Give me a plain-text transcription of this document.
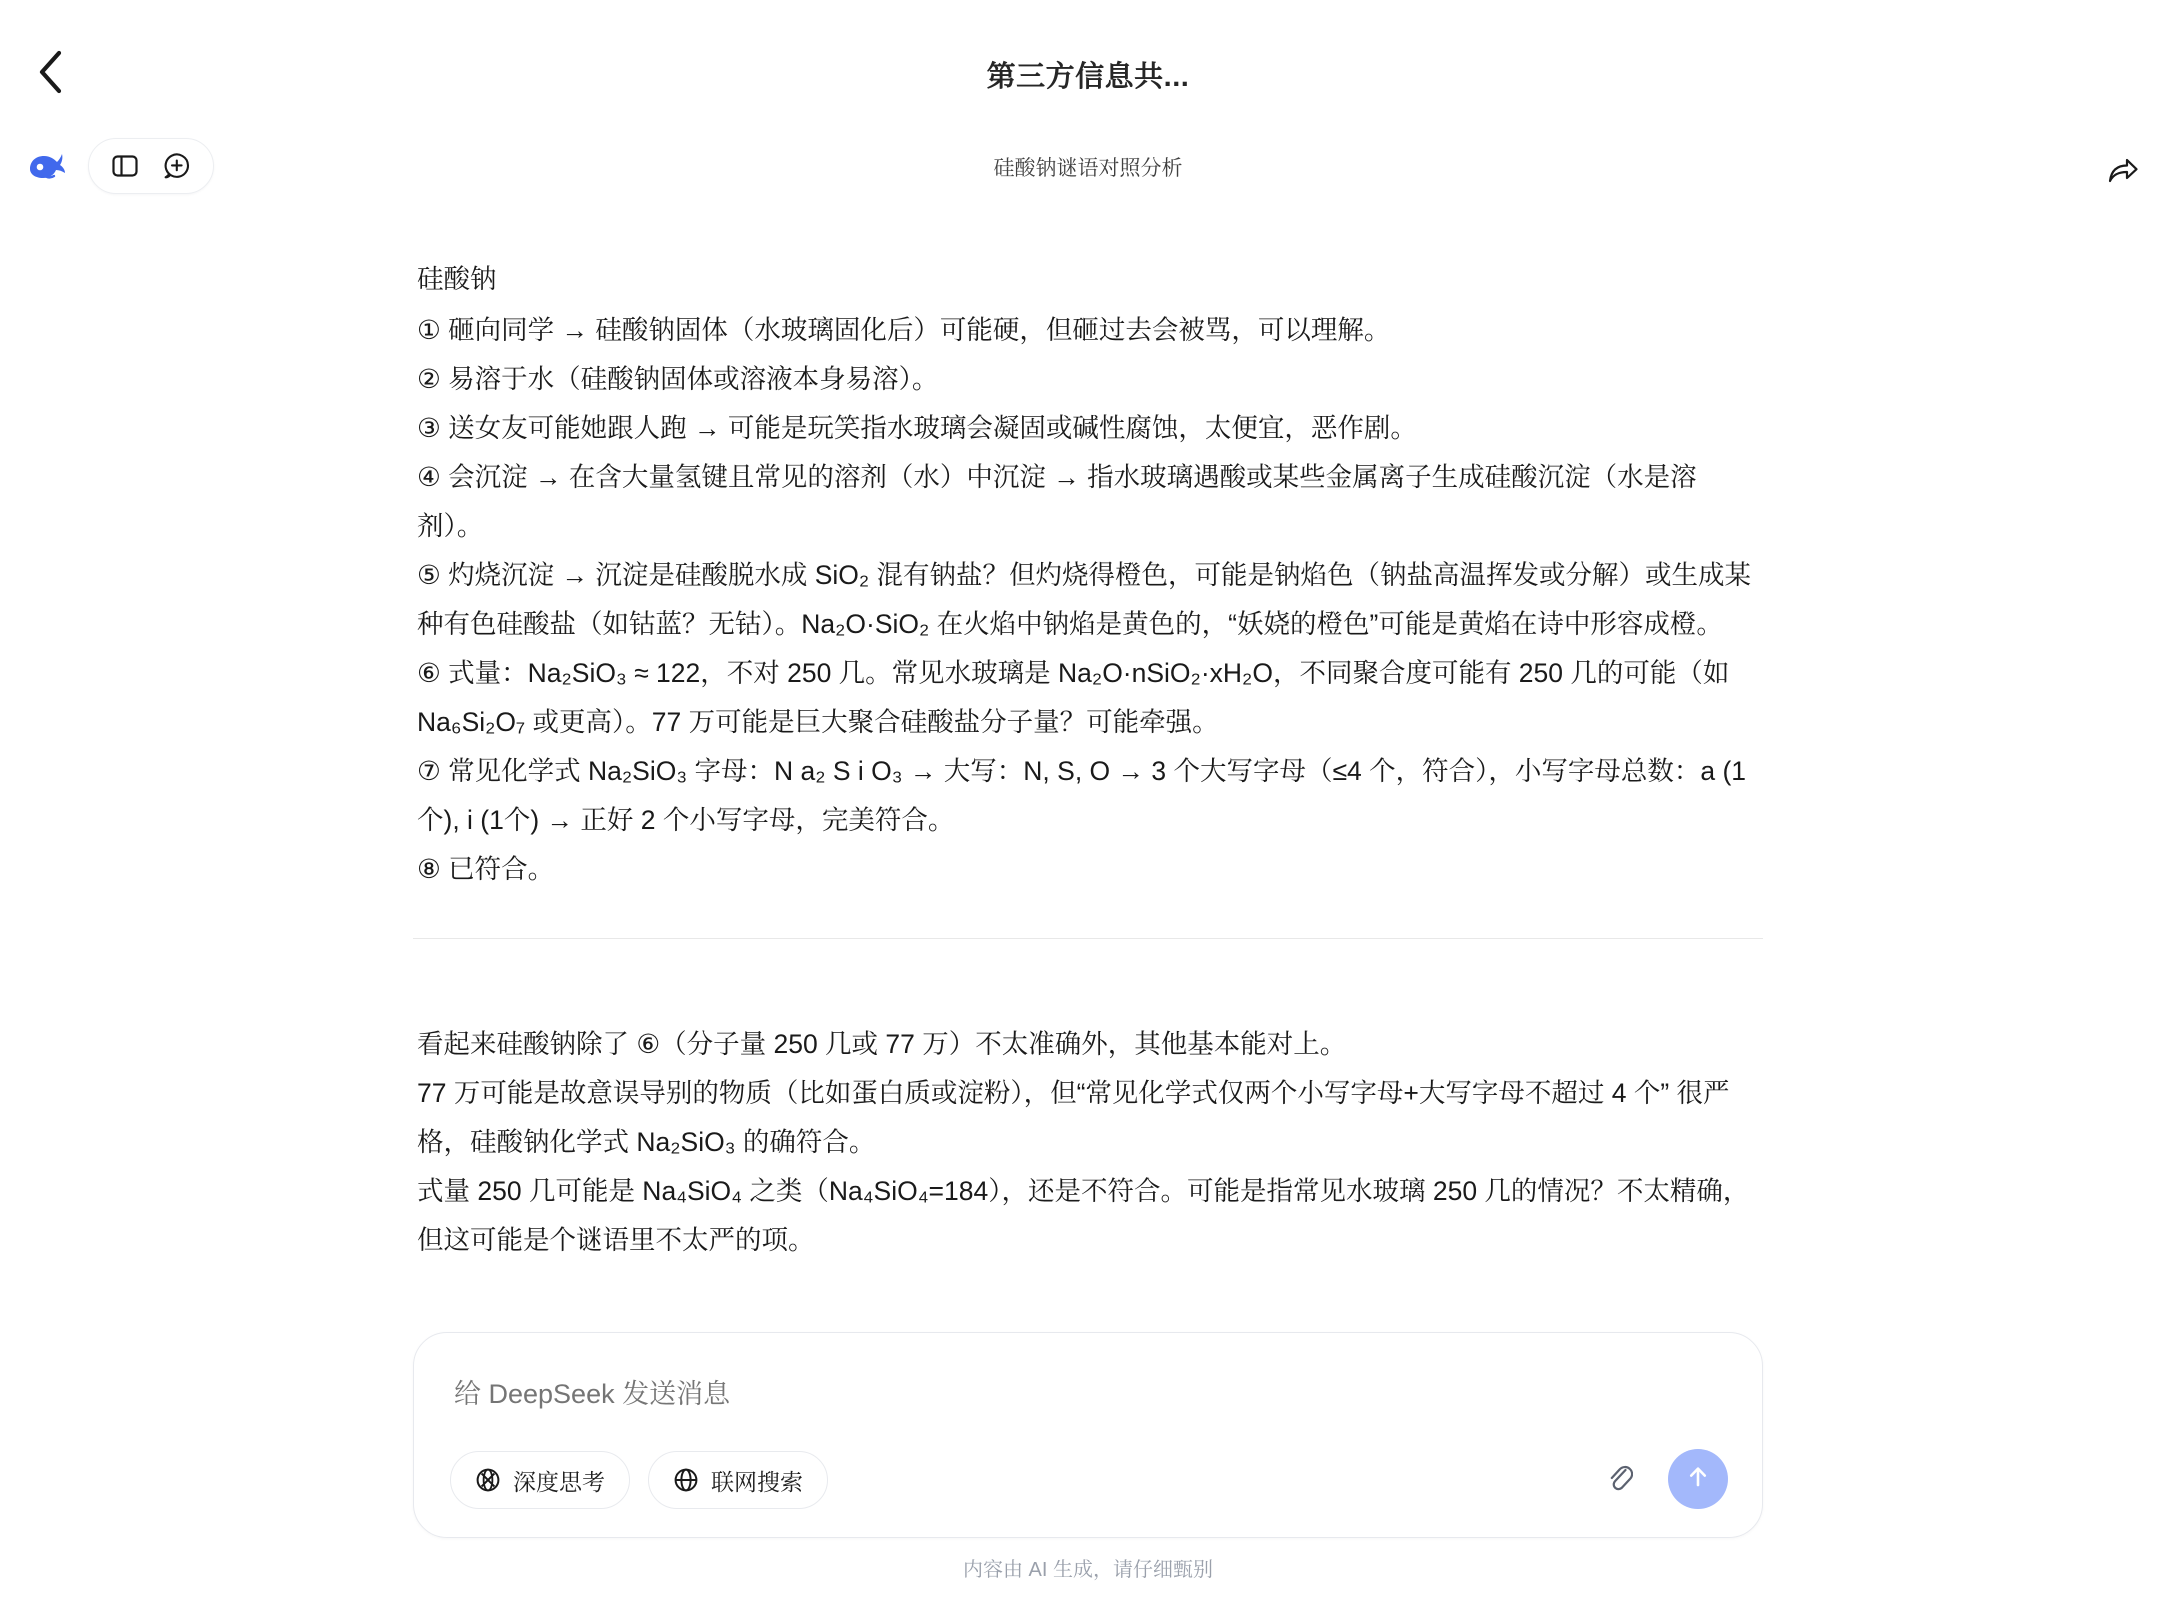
第三方信息共...
硅酸钠谜语对照分析

硅酸钠

① 砸向同学 → 硅酸钠固体（水玻璃固化后）可能硬，但砸过去会被骂，可以理解。

② 易溶于水（硅酸钠固体或溶液本身易溶）。

③ 送女友可能她跟人跑 → 可能是玩笑指水玻璃会凝固或碱性腐蚀，太便宜，恶作剧。

④ 会沉淀 → 在含大量氢键且常见的溶剂（水）中沉淀 → 指水玻璃遇酸或某些金属离子生成硅酸沉淀（水是溶剂）。

⑤ 灼烧沉淀 → 沉淀是硅酸脱水成 SiO₂ 混有钠盐？但灼烧得橙色，可能是钠焰色（钠盐高温挥发或分解）或生成某种有色硅酸盐（如钴蓝？无钴）。Na₂O·SiO₂ 在火焰中钠焰是黄色的，“妖娆的橙色”可能是黄焰在诗中形容成橙。

⑥ 式量：Na₂SiO₃ ≈ 122，不对 250 几。常见水玻璃是 Na₂O·nSiO₂·xH₂O，不同聚合度可能有 250 几的可能（如 Na₆Si₂O₇ 或更高）。77 万可能是巨大聚合硅酸盐分子量？可能牵强。

⑦ 常见化学式 Na₂SiO₃ 字母：N a₂ S i O₃ → 大写：N, S, O → 3 个大写字母（≤4 个，符合），小写字母总数：a (1个), i (1个) → 正好 2 个小写字母，完美符合。

⑧ 已符合。

看起来硅酸钠除了 ⑥（分子量 250 几或 77 万）不太准确外，其他基本能对上。

77 万可能是故意误导别的物质（比如蛋白质或淀粉），但“常见化学式仅两个小写字母+大写字母不超过 4 个” 很严格，硅酸钠化学式 Na₂SiO₃ 的确符合。

式量 250 几可能是 Na₄SiO₄ 之类（Na₄SiO₄=184），还是不符合。可能是指常见水玻璃 250 几的情况？不太精确，但这可能是个谜语里不太严的项。

给 DeepSeek 发送消息
深度思考	联网搜索
内容由 AI 生成，请仔细甄别
